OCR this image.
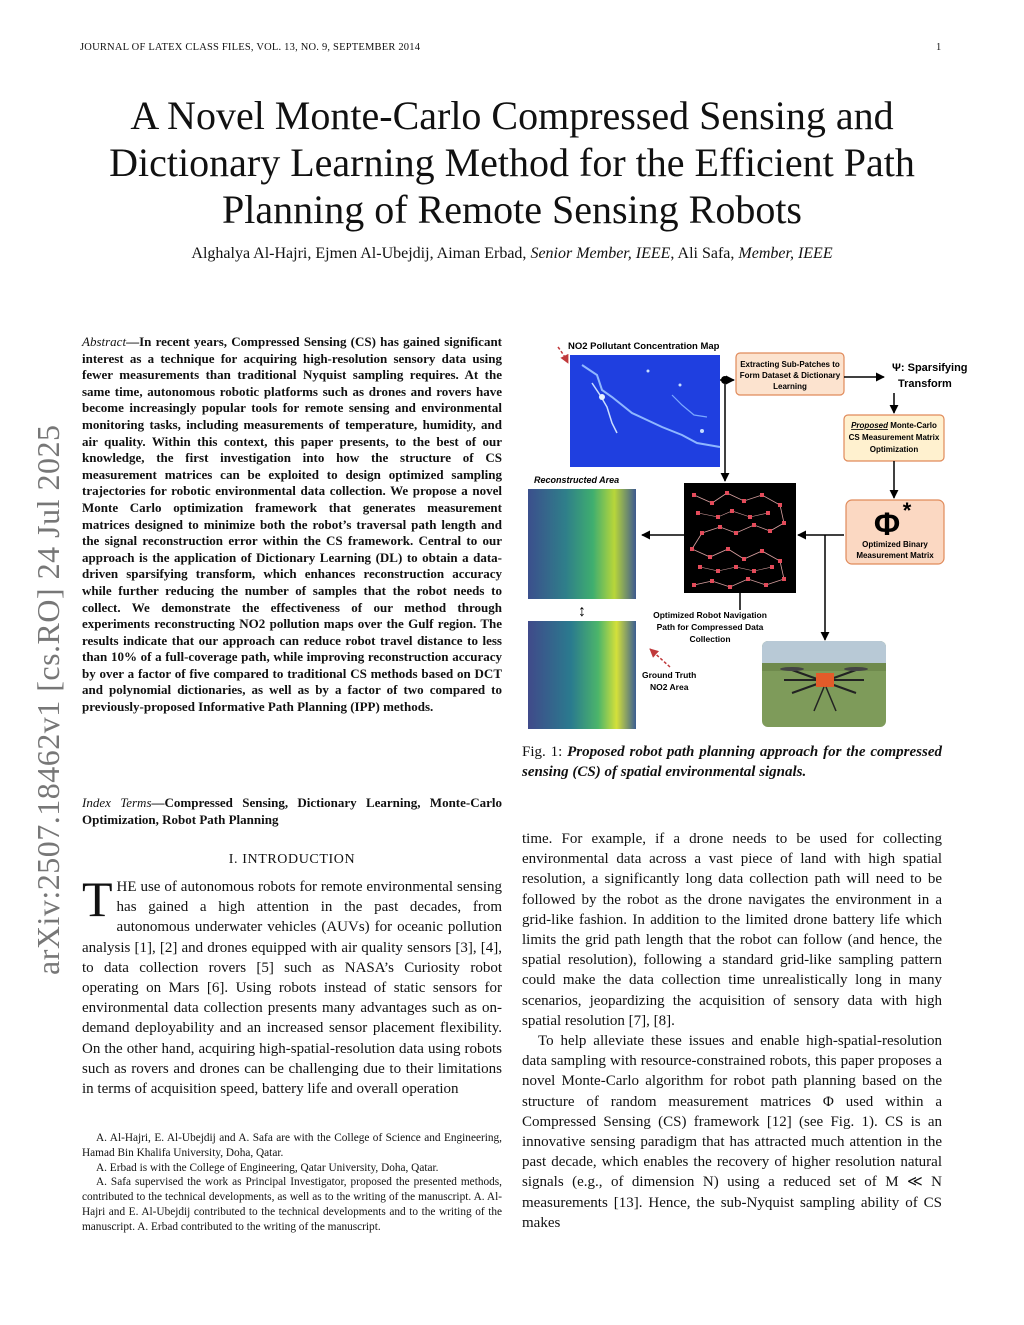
JOURNAL OF LATEX CLASS FILES, VOL. 13, NO. 9, SEPTEMBER 2014	1
arXiv:2507.18462v1 [cs.RO] 24 Jul 2025
A Novel Monte-Carlo Compressed Sensing and Dictionary Learning Method for the Efficient Path Planning of Remote Sensing Robots
Alghalya Al-Hajri, Ejmen Al-Ubejdij, Aiman Erbad, Senior Member, IEEE, Ali Safa, Member, IEEE
Abstract—In recent years, Compressed Sensing (CS) has gained significant interest as a technique for acquiring high-resolution sensory data using fewer measurements than traditional Nyquist sampling requires. At the same time, autonomous robotic platforms such as drones and rovers have become increasingly popular tools for remote sensing and environmental monitoring tasks, including measurements of temperature, humidity, and air quality. Within this context, this paper presents, to the best of our knowledge, the first investigation into how the structure of CS measurement matrices can be exploited to design optimized sampling trajectories for robotic environmental data collection. We propose a novel Monte Carlo optimization framework that generates measurement matrices designed to minimize both the robot’s traversal path length and the signal reconstruction error within the CS framework. Central to our approach is the application of Dictionary Learning (DL) to obtain a data-driven sparsifying transform, which enhances reconstruction accuracy while further reducing the number of samples that the robot needs to collect. We demonstrate the effectiveness of our method through experiments reconstructing NO2 pollution maps over the Gulf region. The results indicate that our approach can reduce robot travel distance to less than 10% of a full-coverage path, while improving reconstruction accuracy by over a factor of five compared to traditional CS methods based on DCT and polynomial dictionaries, as well as by a factor of two compared to previously-proposed Informative Path Planning (IPP) methods.
Index Terms—Compressed Sensing, Dictionary Learning, Monte-Carlo Optimization, Robot Path Planning
I. INTRODUCTION
THE use of autonomous robots for remote environmental sensing has gained a high attention in the past decades, from autonomous underwater vehicles (AUVs) for oceanic pollution analysis [1], [2] and drones equipped with air quality sensors [3], [4], to data collection rovers [5] such as NASA’s Curiosity robot operating on Mars [6]. Using robots instead of static sensors for environmental data collection presents many advantages such as on-demand deployability and an increased sensor placement flexibility. On the other hand, acquiring high-spatial-resolution data using robots such as rovers and drones can be challenging due to their limitations in terms of acquisition speed, battery life and overall operation

A. Al-Hajri, E. Al-Ubejdij and A. Safa are with the College of Science and Engineering, Hamad Bin Khalifa University, Doha, Qatar.

A. Erbad is with the College of Engineering, Qatar University, Doha, Qatar.

A. Safa supervised the work as Principal Investigator, proposed the presented methods, contributed to the technical developments, as well as to the writing of the manuscript. A. Al-Hajri and E. Al-Ubejdij contributed to the technical developments and to the writing of the manuscript. A. Erbad contributed to the writing of the manuscript.

NO2 Pollutant Concentration Map
Extracting Sub-Patches to
Form Dataset & Dictionary
Learning
Ψ: Sparsifying
Transform
Proposed Monte-Carlo
CS Measurement Matrix
Optimization
Φ *
Optimized Binary
Measurement Matrix
Reconstructed Area
↕	Optimized Robot Navigation
Path for Compressed Data
Collection
Ground Truth
NO2 Area
Fig. 1: Proposed robot path planning approach for the compressed sensing (CS) of spatial environmental signals.

time. For example, if a drone needs to be used for collecting environmental data across a vast piece of land with high spatial resolution, a significantly long data collection path will need to be followed by the robot as the drone navigates the environment in a grid-like fashion. In addition to the limited drone battery life which limits the grid path length that the robot can follow (and hence, the spatial resolution), following a standard grid-like sampling pattern could make the data collection time unrealistically long in many scenarios, jeopardizing the acquisition of sensory data with high spatial resolution [7], [8].

To help alleviate these issues and enable high-spatial-resolution data sampling with resource-constrained robots, this paper proposes a novel Monte-Carlo algorithm for robot path planning based on the structure of random measurement matrices Φ used within a Compressed Sensing (CS) framework [12] (see Fig. 1). CS is an innovative sensing paradigm that has attracted much attention in the past decade, which enables the recovery of higher resolution natural signals (e.g., of dimension N) using a reduced set of M ≪ N measurements [13]. Hence, the sub-Nyquist sampling ability of CS makes
